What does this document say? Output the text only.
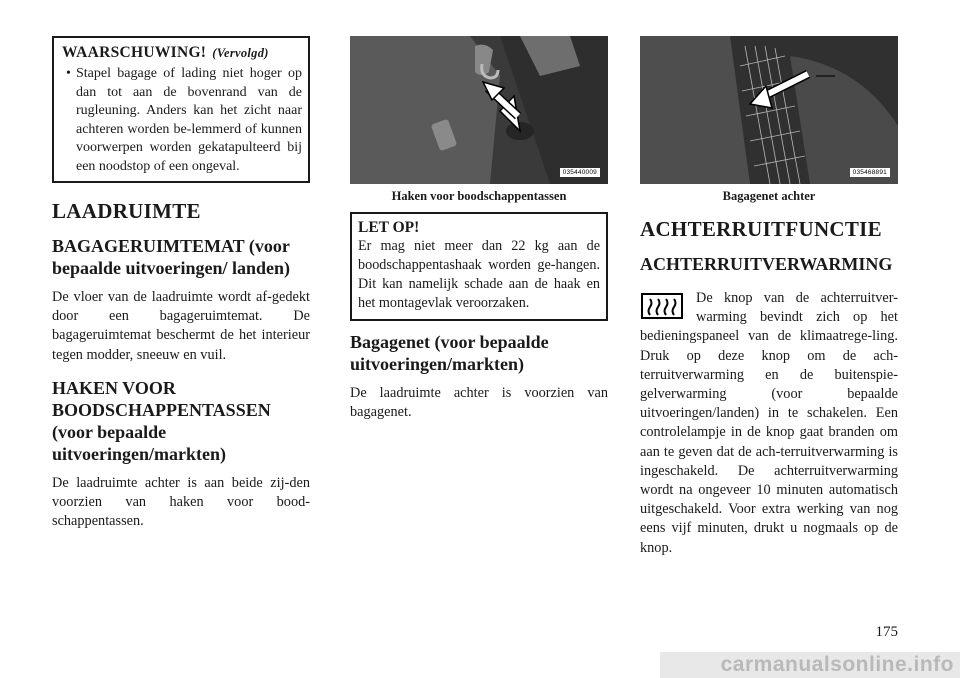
WAARSCHUWING! (Vervolgd)
• Stapel bagage of lading niet hoger op dan tot aan de bovenrand van de rugleuning. Anders kan het zicht naar achteren worden be-lemmerd of kunnen voorwerpen worden gekatapulteerd bij een noodstop of een ongeval.
LAADRUIMTE
BAGAGERUIMTEMAT (voor bepaalde uitvoeringen/ landen)

De vloer van de laadruimte wordt af-gedekt door een bagageruimtemat. De bagageruimtemat beschermt de het interieur tegen modder, sneeuw en vuil.

HAKEN VOOR BOODSCHAPPENTASSEN
(voor bepaalde uitvoeringen/markten)

De laadruimte achter is aan beide zij-den voorzien van haken voor bood-schappentassen.

035440009
Haken voor boodschappentassen
LET OP!
Er mag niet meer dan 22 kg aan de boodschappentashaak worden ge-hangen. Dit kan namelijk schade aan de haak en het montagevlak veroorzaken.
Bagagenet (voor bepaalde uitvoeringen/markten)

De laadruimte achter is voorzien van bagagenet.

035468891
Bagagenet achter
ACHTERRUITFUNCTIE
ACHTERRUITVERWARMING

De knop van de achterruitver-warming bevindt zich op het bedieningspaneel van de klimaatrege-ling. Druk op deze knop om de ach-terruitverwarming en de buitenspie-gelverwarming (voor bepaalde uitvoeringen/landen) in te schakelen. Een controlelampje in de knop gaat branden om aan te geven dat de ach-terruitverwarming is ingeschakeld. De achterruitverwarming wordt na ongeveer 10 minuten automatisch uitgeschakeld. Voor extra werking van nog eens vijf minuten, drukt u nogmaals op de knop.

175
carmanualsonline.info
